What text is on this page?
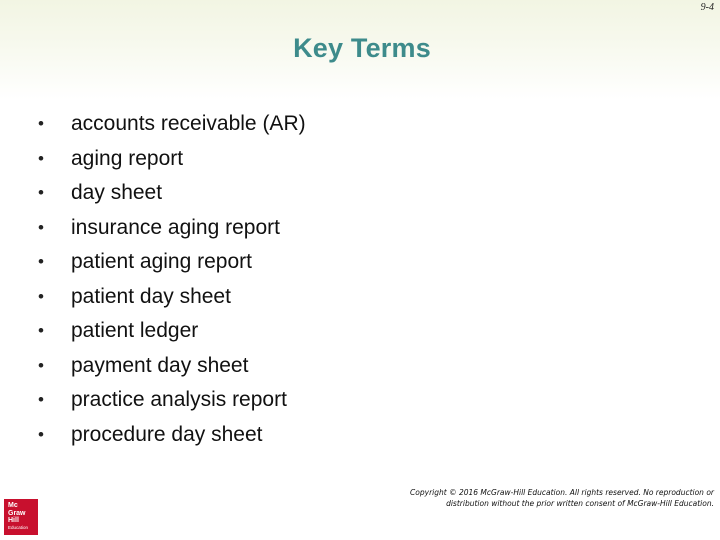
9-4
Key Terms
•	accounts receivable (AR)
•	aging report
•	day sheet
•	insurance aging report
•	patient aging report
•	patient day sheet
•	patient ledger
•	payment day sheet
•	practice analysis report
•	procedure day sheet
Mc
Graw
Hill
Education
Copyright © 2016 McGraw-Hill Education. All rights reserved. No reproduction or
distribution without the prior written consent of McGraw-Hill Education.
